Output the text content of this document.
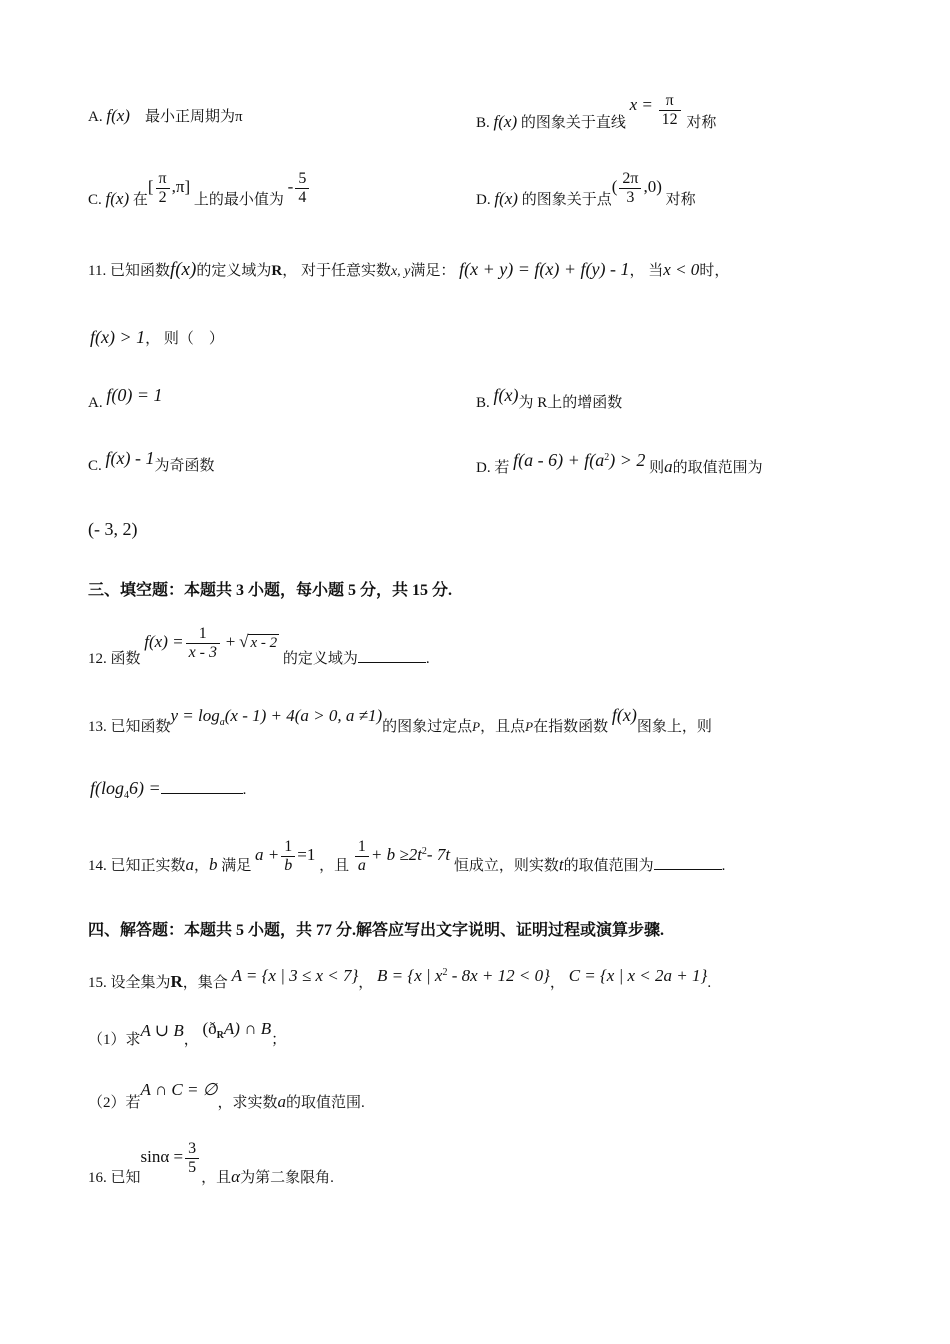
A. f(x) 最小正周期为π	B. f(x) 的图象关于直线 $x = \frac{\pi}{12}$ 对称
C. f(x) 在[ $\frac{\pi}{2} ,\pi$] 上的最小值为 - $\frac{5}{4}$	D. f(x) 的图象关于点( $\frac{2\pi}{3} ,0$) 对称
11. 已知函数f(x)的定义域为R， 对于任意实数x, y满足： f(x + y) = f(x) + f(y) - 1， 当x < 0时，
f(x) > 1， 则（　）
A. f(0) = 1	B. f(x)为 R上的增函数
C. f(x) - 1为奇函数	D. 若 $f(a - 6) + f(a^2) > 2$ 则a的取值范围为
(- 3, 2)
三、填空题：本题共 3 小题，每小题 5 分，共 15 分.
12. 函数 $f(x) = \frac{1}{x - 3}$ + √ x - 2 的定义域为	.
13. 已知函数$y = \log_a(x - 1) + 4(a > 0$, a ≠1)的图象过定点P，且点P在指数函数 f(x)图象上，则
$f(\log_46)$ =	.
14. 已知正实数a，b 满足 $a + \frac{1}{b} =1$ ，且 $\frac{1}{a} + b \ge 2t^2-$ 7t 恒成立，则实数t的取值范围为	.
四、解答题：本题共 5 小题，共 77 分.解答应写出文字说明、证明过程或演算步骤.
15. 设全集为R，集合 A = {x | 3 ≤ x < 7}， B = {x | $x^2 - 8x + 12 < 0$}， C = {x | x < 2a + 1}.
（1）求A ∪ B， $(ð_RA)$ ∩ B；
（2）若A ∩ C = ∅，求实数a的取值范围.
16. 已知$\sin\alpha = \frac{3}{5}$
，且α为第二象限角.
